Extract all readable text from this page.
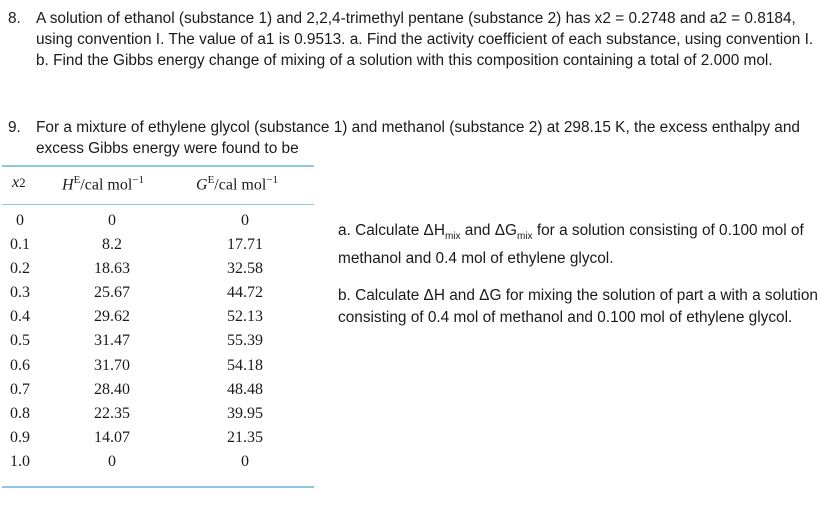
8. A solution of ethanol (substance 1) and 2,2,4-trimethyl pentane (substance 2) has x2 = 0.2748 and a2 = 0.8184, using convention I. The value of a1 is 0.9513. a. Find the activity coefficient of each substance, using convention I. b. Find the Gibbs energy change of mixing of a solution with this composition containing a total of 2.000 mol.
9. For a mixture of ethylene glycol (substance 1) and methanol (substance 2) at 298.15 K, the excess enthalpy and excess Gibbs energy were found to be
x2 $H^E$/cal mol$^{-1}$	$G^E$/cal mol$^{-1}$
0	0	0
0.1	8.2	17.71
0.2	18.63	32.58
0.3	25.67	44.72
0.4	29.62	52.13
0.5	31.47	55.39
0.6	31.70	54.18
0.7	28.40	48.48
0.8	22.35	39.95
0.9	14.07	21.35
1.0	0	0
a. Calculate $\Delta H_{mix}$ and $\Delta G_{mix}$ for a solution consisting of 0.100 mol of methanol and 0.4 mol of ethylene glycol.
b. Calculate ΔH and ΔG for mixing the solution of part a with a solution consisting of 0.4 mol of methanol and 0.100 mol of ethylene glycol.
